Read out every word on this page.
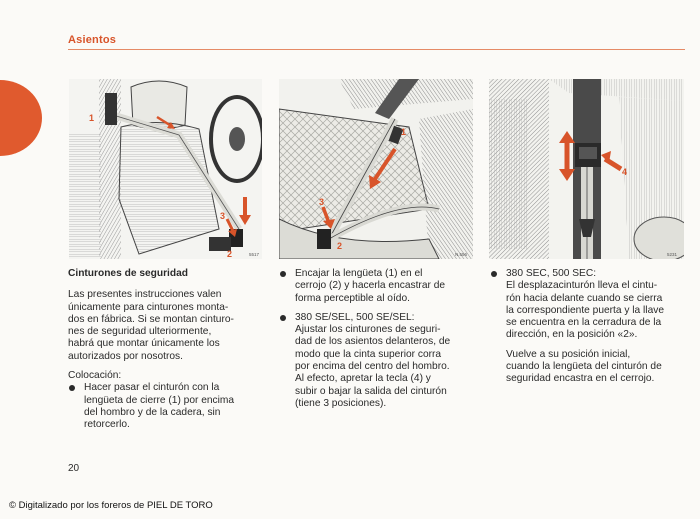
Asientos
1
3
2	5517
1
3
2
N.556
4
5231

Cinturones de seguridad

Las presentes instrucciones valen
únicamente para cinturones monta-
dos en fábrica. Si se montan cinturo-
nes de seguridad ulteriormente,
habrá que montar únicamente los
autorizados por nosotros.

Colocación:

Hacer pasar el cinturón con la
lengüeta de cierre (1) por encima
del hombro y de la cadera, sin
retorcerlo.

Encajar la lengüeta (1) en el
cerrojo (2) y hacerla encastrar de
forma perceptible al oído.

380 SE/SEL, 500 SE/SEL:

Ajustar los cinturones de seguri-
dad de los asientos delanteros, de
modo que la cinta superior corra
por encima del centro del hombro.
Al efecto, apretar la tecla (4) y
subir o bajar la salida del cinturón
(tiene 3 posiciones).

380 SEC, 500 SEC:

El desplazacinturón lleva el cintu-
rón hacia delante cuando se cierra
la correspondiente puerta y la llave
se encuentra en la cerradura de la
dirección, en la posición «2».

Vuelve a su posición inicial,
cuando la lengüeta del cinturón de
seguridad encastra en el cerrojo.

20
© Digitalizado por los foreros de PIEL DE TORO
